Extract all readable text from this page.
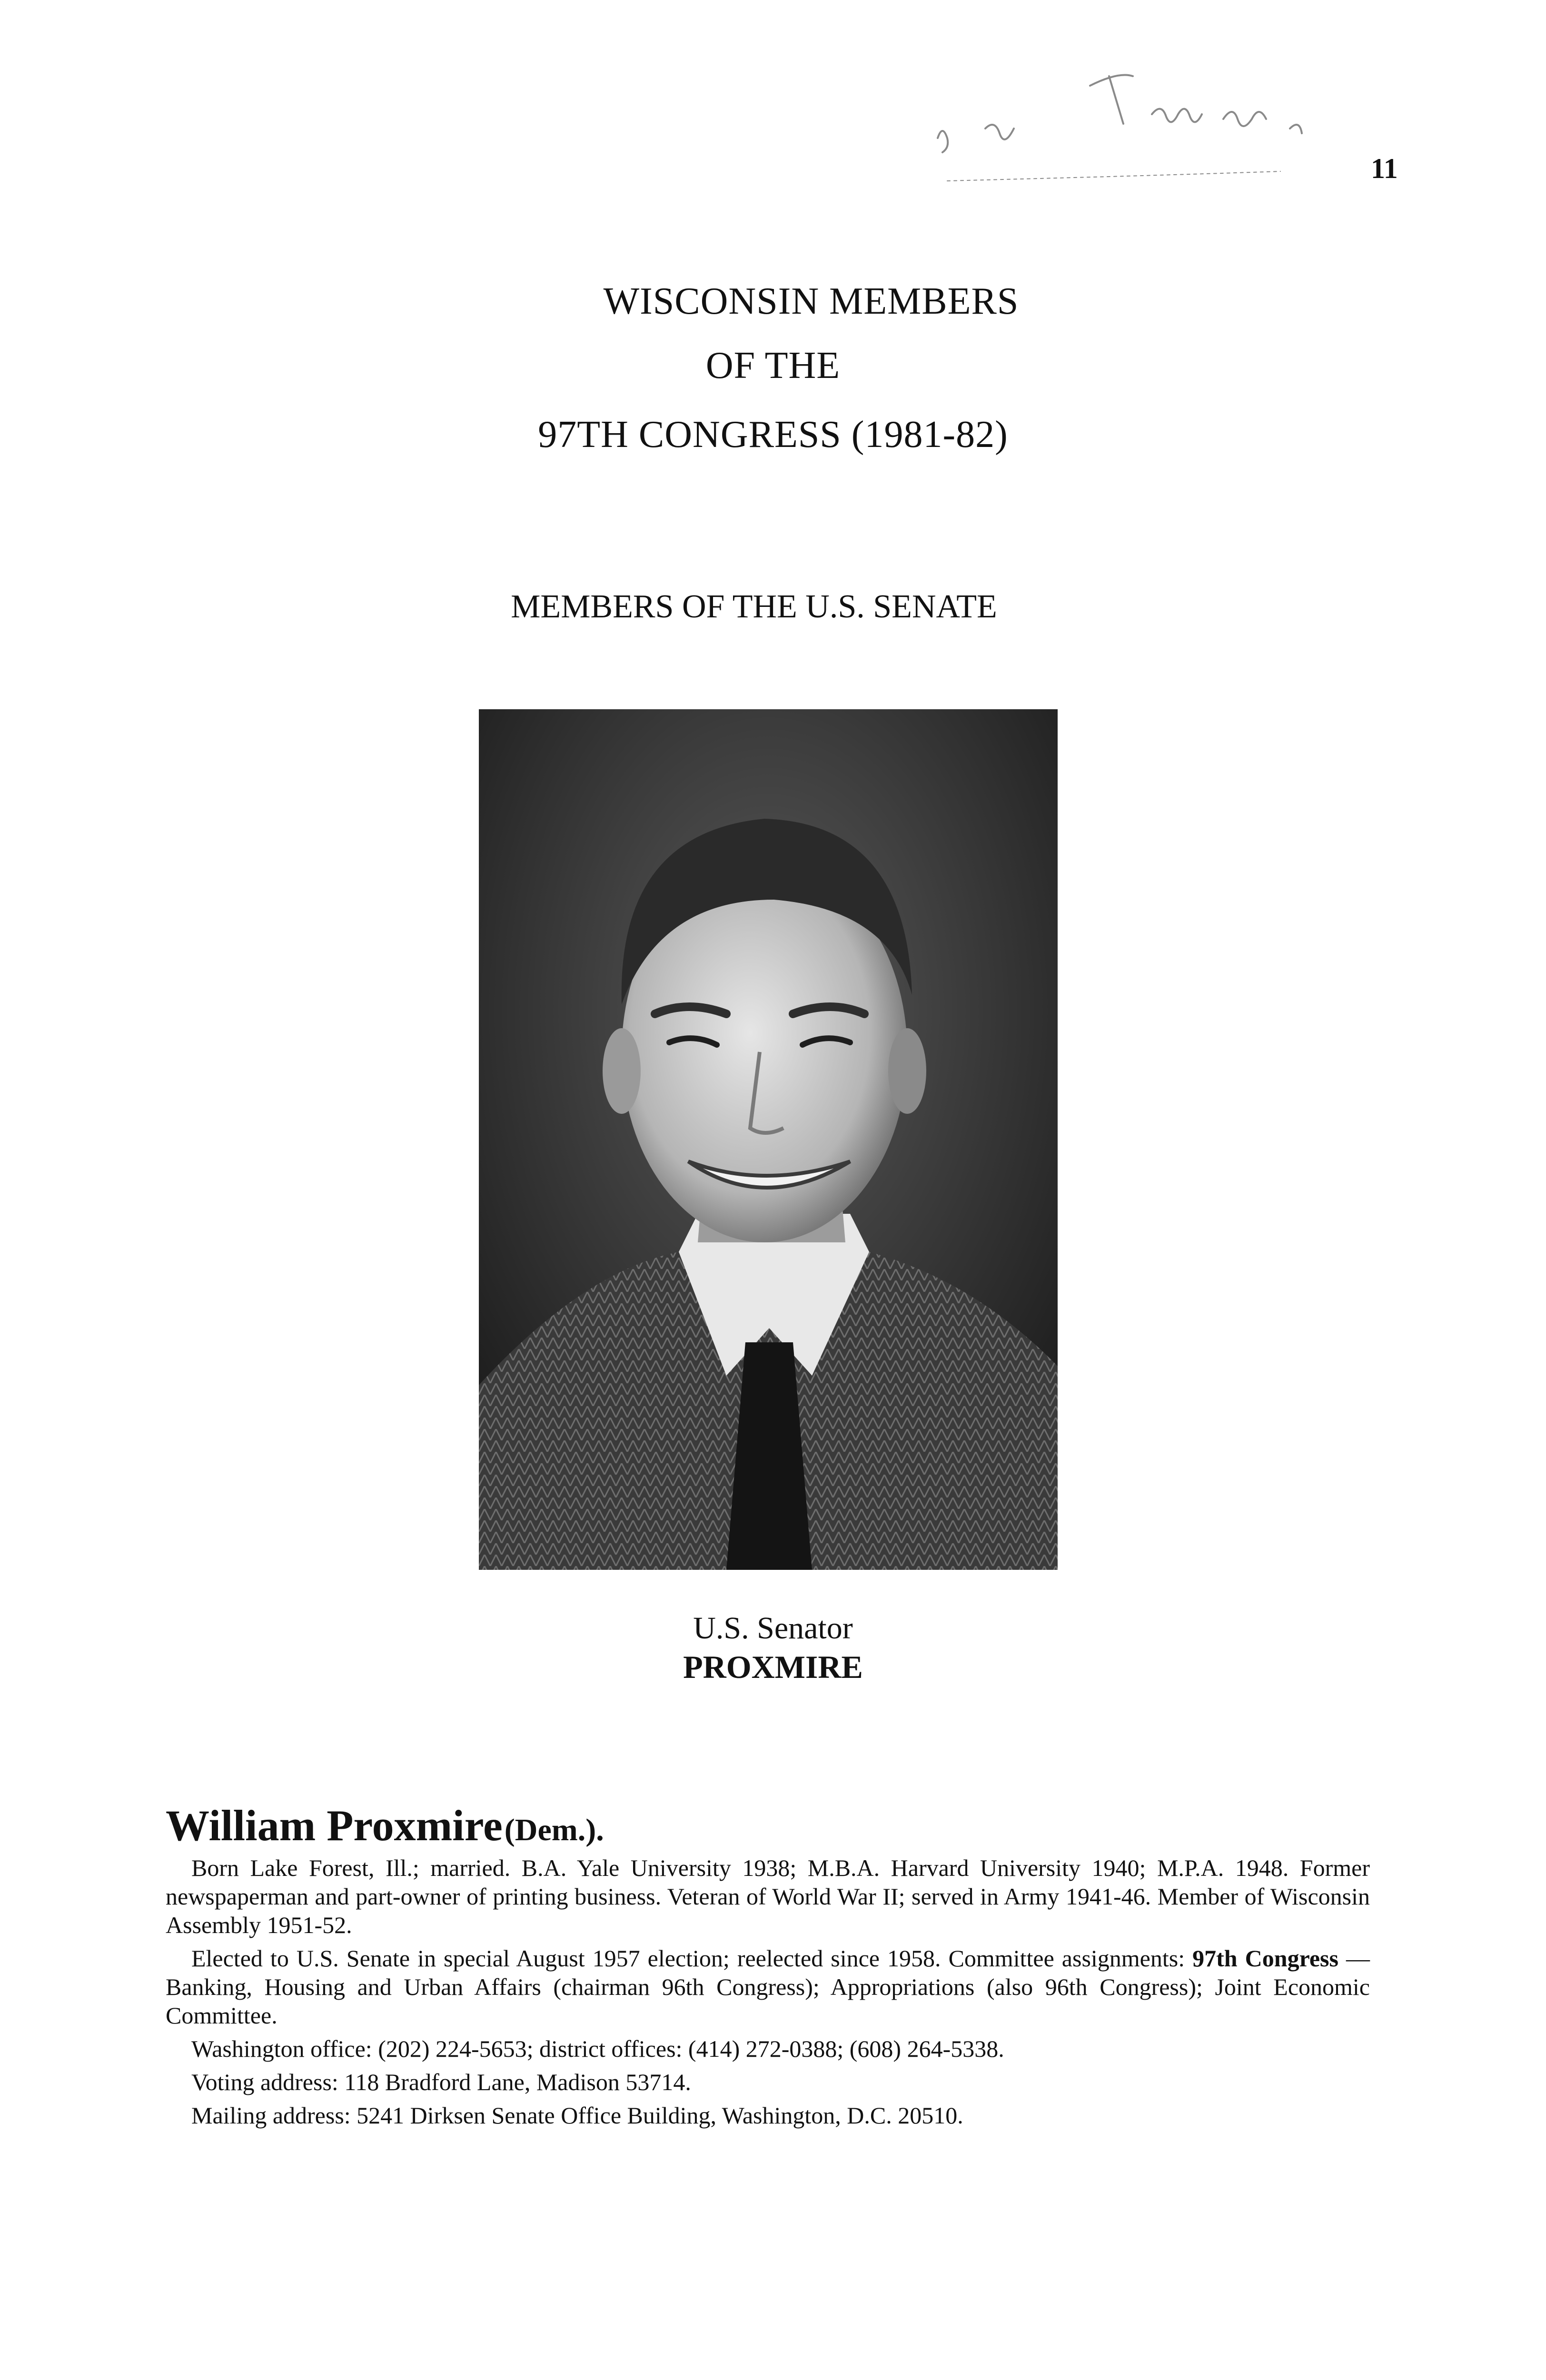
11
WISCONSIN MEMBERS
OF THE
97TH CONGRESS (1981-82)
MEMBERS OF THE U.S. SENATE
U.S. Senator
PROXMIRE
William Proxmire (Dem.).

Born Lake Forest, Ill.; married. B.A. Yale University 1938; M.B.A. Harvard University 1940; M.P.A. 1948. Former newspaperman and part-owner of printing business. Veteran of World War II; served in Army 1941-46. Member of Wisconsin Assembly 1951-52.

Elected to U.S. Senate in special August 1957 election; reelected since 1958. Committee assignments: 97th Congress — Banking, Housing and Urban Affairs (chairman 96th Congress); Appropriations (also 96th Congress); Joint Economic Committee.

Washington office: (202) 224-5653; district offices: (414) 272-0388; (608) 264-5338.

Voting address: 118 Bradford Lane, Madison 53714.

Mailing address: 5241 Dirksen Senate Office Building, Washington, D.C. 20510.
